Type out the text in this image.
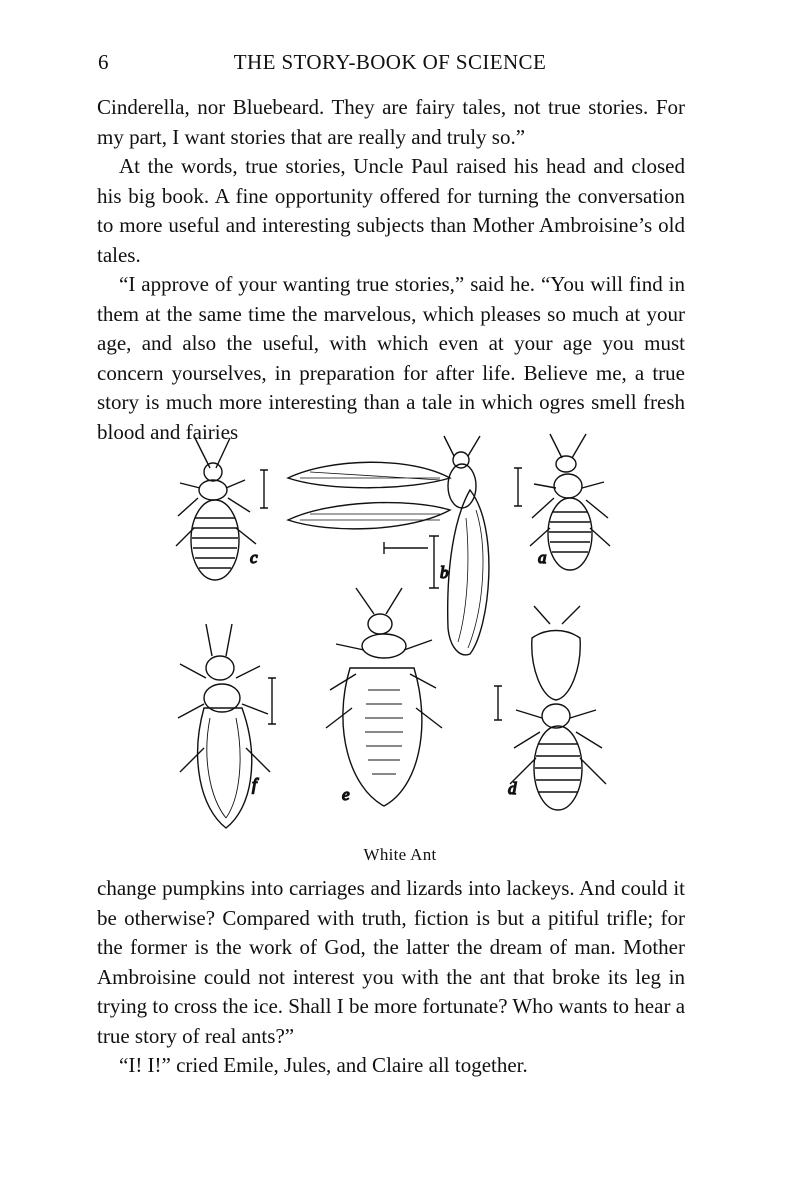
6	THE STORY-BOOK OF SCIENCE

Cinderella, nor Bluebeard. They are fairy tales, not true stories. For my part, I want stories that are really and truly so.”

At the words, true stories, Uncle Paul raised his head and closed his big book. A fine opportunity offered for turning the conversation to more useful and interesting subjects than Mother Ambroisine’s old tales.

“I approve of your wanting true stories,” said he. “You will find in them at the same time the marvelous, which pleases so much at your age, and also the useful, with which even at your age you must concern yourselves, in preparation for after life. Believe me, a true story is much more interesting than a tale in which ogres smell fresh blood and fairies

c
b
a
f
e	d
White Ant

change pumpkins into carriages and lizards into lackeys. And could it be otherwise? Compared with truth, fiction is but a pitiful trifle; for the former is the work of God, the latter the dream of man. Mother Ambroisine could not interest you with the ant that broke its leg in trying to cross the ice. Shall I be more fortunate? Who wants to hear a true story of real ants?”

“I! I!” cried Emile, Jules, and Claire all together.
